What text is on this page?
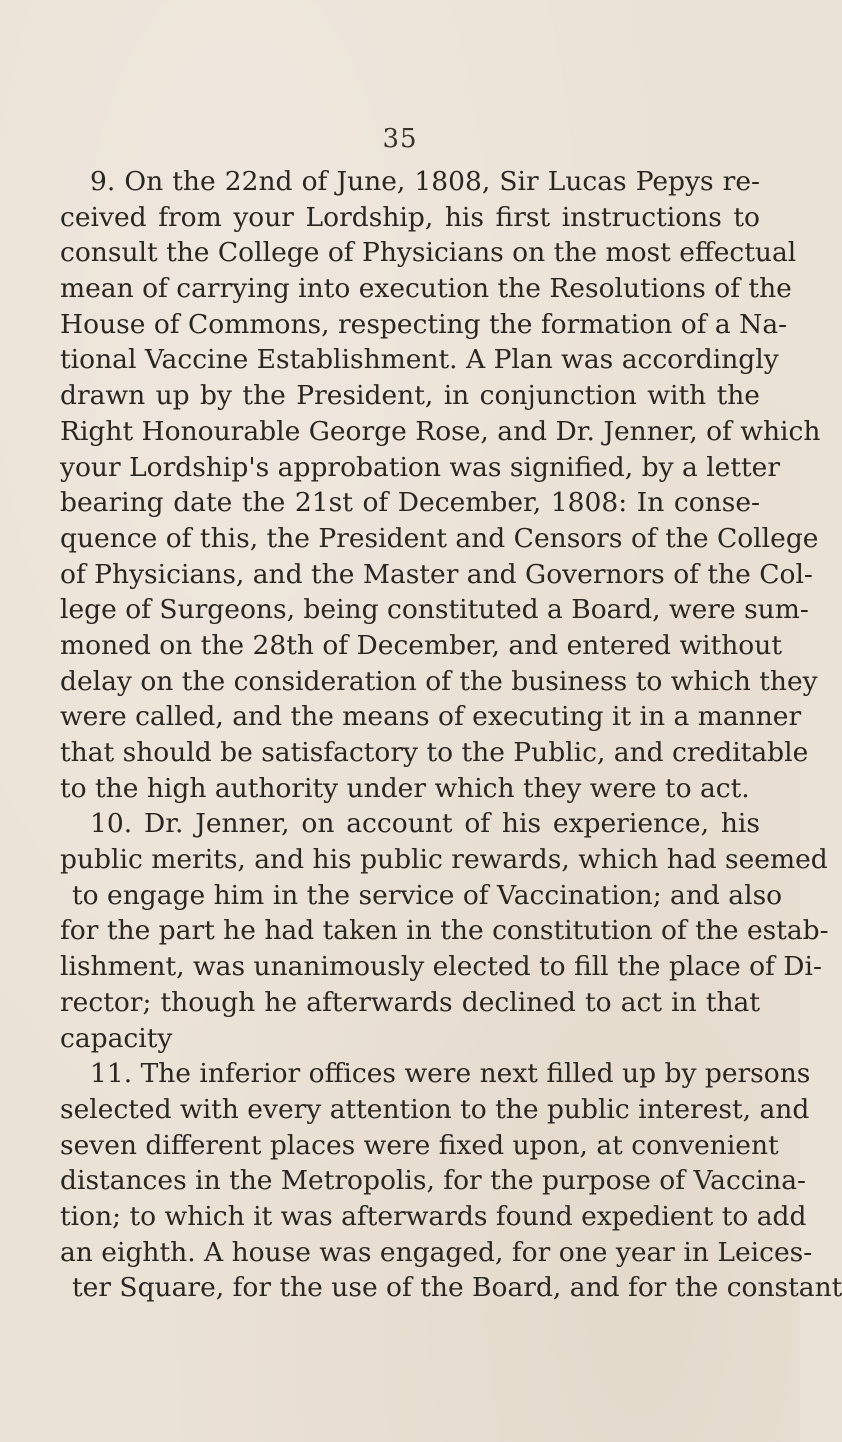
35
9. On the 22nd of June, 1808, Sir Lucas Pepys re-
ceived from your Lordship, his first instructions to
consult the College of Physicians on the most effectual
mean of carrying into execution the Resolutions of the
House of Commons, respecting the formation of a Na-
tional Vaccine Establishment. A Plan was accordingly
drawn up by the President, in conjunction with the
Right Honourable George Rose, and Dr. Jenner, of which
your Lordship's approbation was signified, by a letter
bearing date the 21st of December, 1808: In conse-
quence of this, the President and Censors of the College
of Physicians, and the Master and Governors of the Col-
lege of Surgeons, being constituted a Board, were sum-
moned on the 28th of December, and entered without
delay on the consideration of the business to which they
were called, and the means of executing it in a manner
that should be satisfactory to the Public, and creditable
to the high authority under which they were to act.
10. Dr. Jenner, on account of his experience, his
public merits, and his public rewards, which had seemed
to engage him in the service of Vaccination; and also
for the part he had taken in the constitution of the estab-
lishment, was unanimously elected to fill the place of Di-
rector; though he afterwards declined to act in that
capacity
11. The inferior offices were next filled up by persons
selected with every attention to the public interest, and
seven different places were fixed upon, at convenient
distances in the Metropolis, for the purpose of Vaccina-
tion; to which it was afterwards found expedient to add
an eighth. A house was engaged, for one year in Leices-
ter Square, for the use of the Board, and for the constant
